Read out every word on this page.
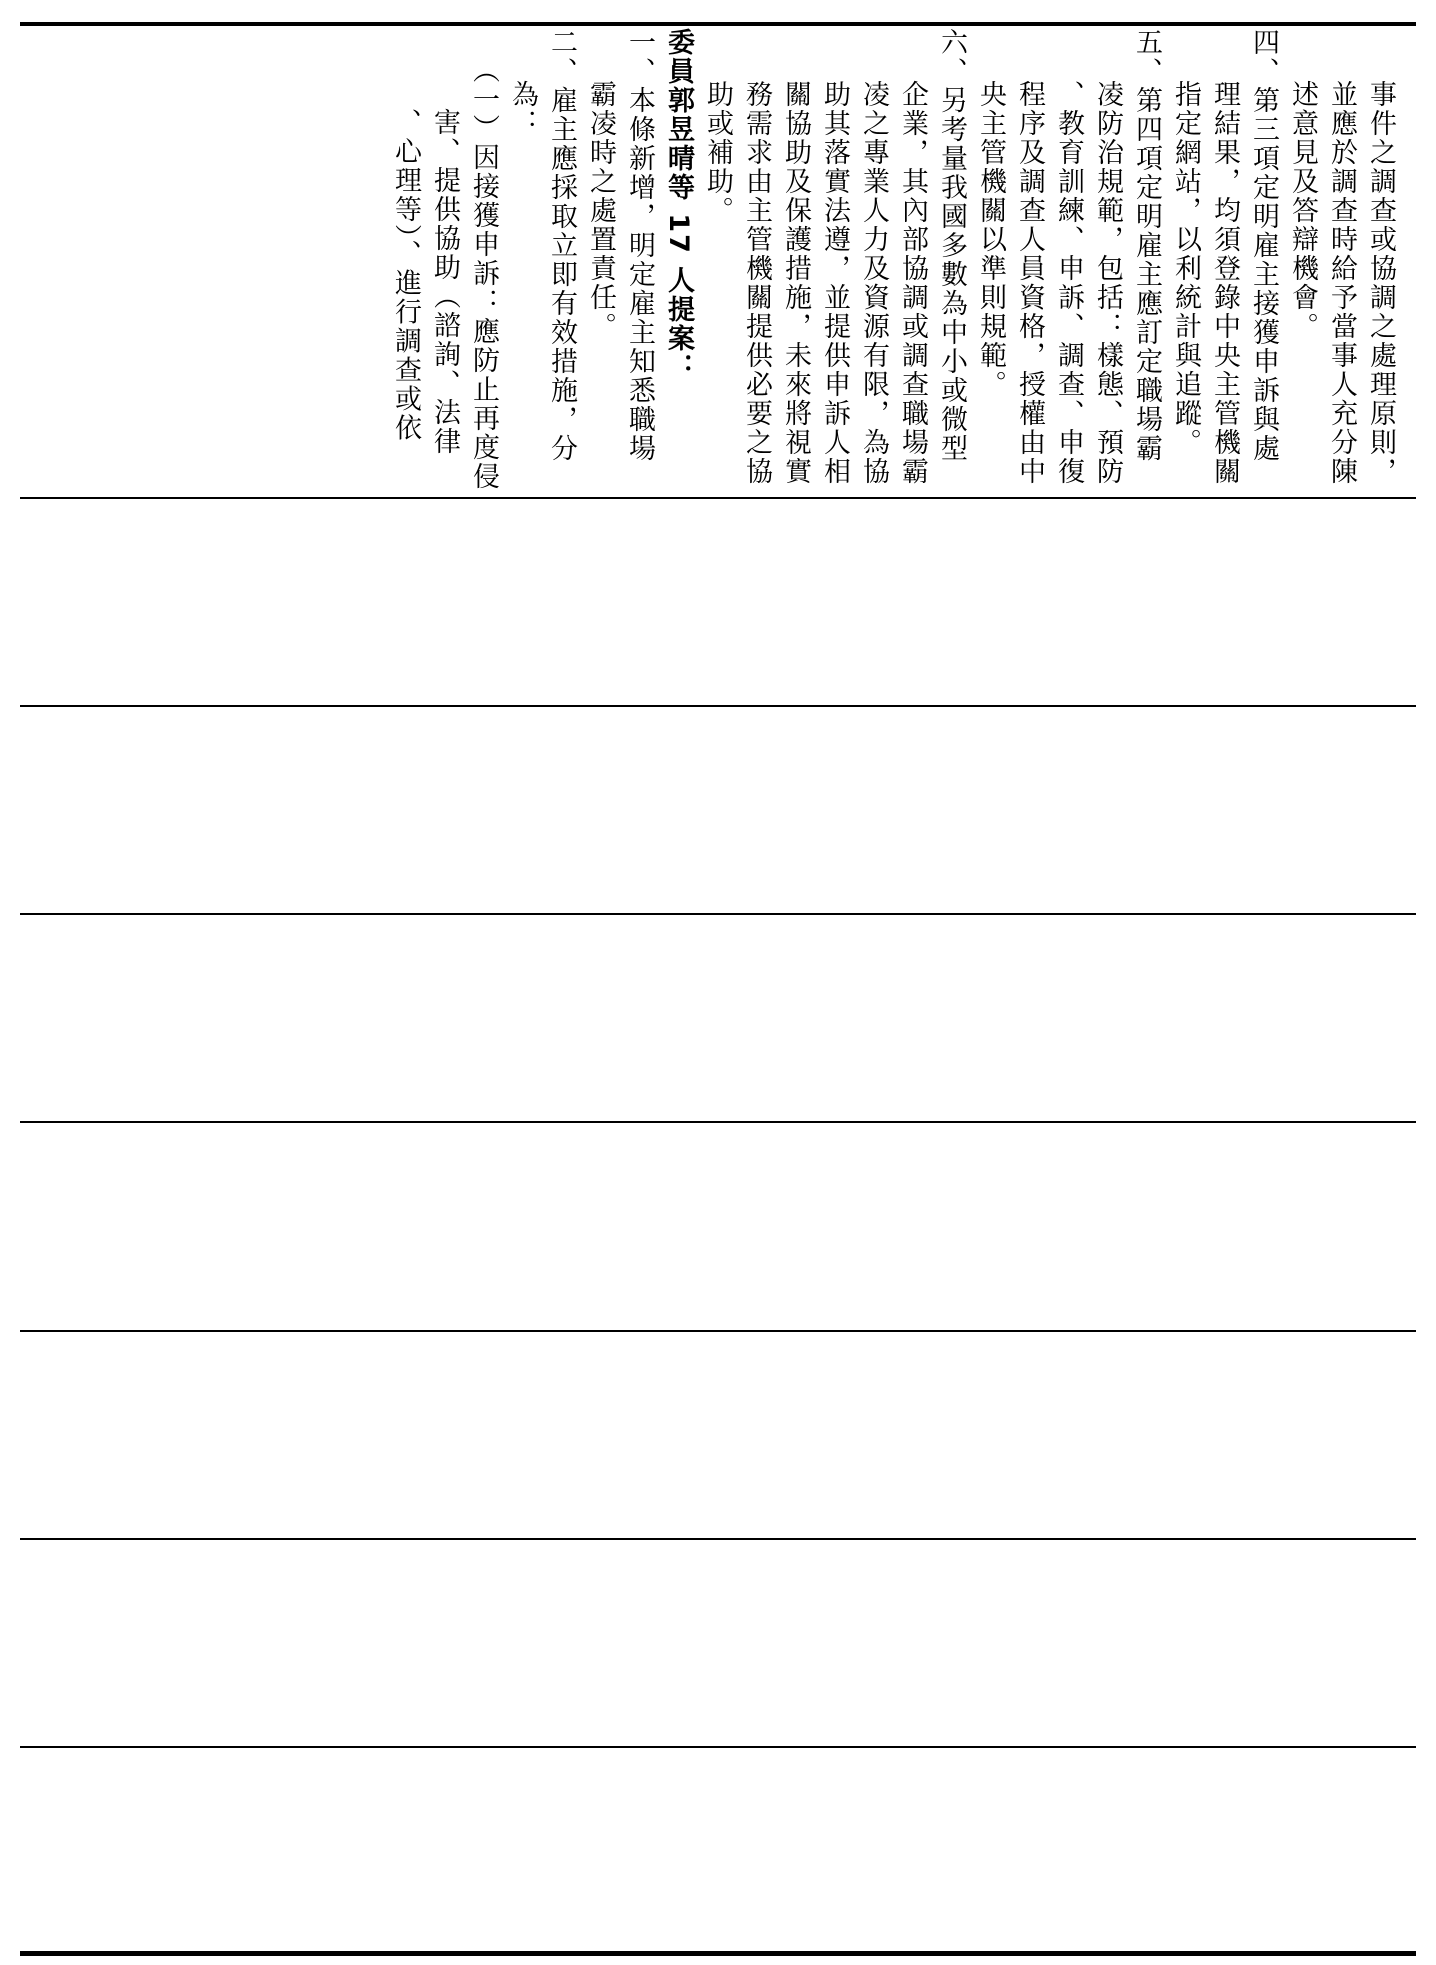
事件之調查或協調之處理原則，
並應於調查時給予當事人充分陳
述意見及答辯機會。
四、第三項定明雇主接獲申訴與處
理結果，均須登錄中央主管機關
指定網站，以利統計與追蹤。
五、第四項定明雇主應訂定職場霸
凌防治規範，包括：樣態、預防
、教育訓練、申訴、調查、申復
程序及調查人員資格，授權由中
央主管機關以準則規範。
六、另考量我國多數為中小或微型
企業，其內部協調或調查職場霸
凌之專業人力及資源有限，為協
助其落實法遵，並提供申訴人相
關協助及保護措施，未來將視實
務需求由主管機關提供必要之協
助或補助。
委員郭昱晴等 17 人提案：
一、本條新增，明定雇主知悉職場
霸凌時之處置責任。
二、雇主應採取立即有效措施，分
為：
（一）因接獲申訴：應防止再度侵
害、提供協助（諮詢、法律
、心理等）、進行調查或依
